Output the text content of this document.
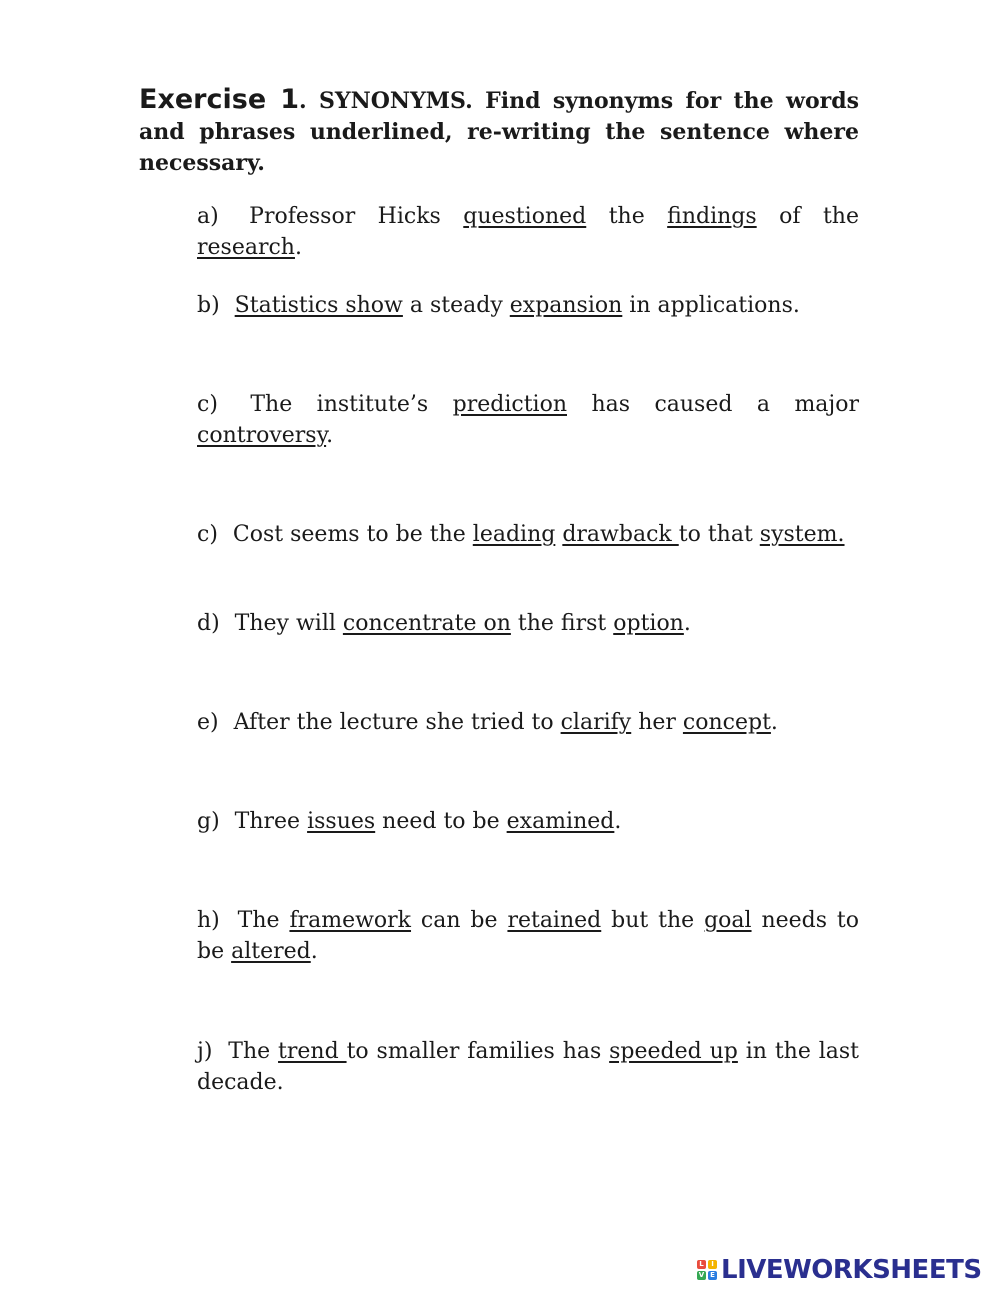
Exercise 1. SYNONYMS. Find synonyms for the words and phrases underlined, re-writing the sentence where necessary.
a) Professor Hicks questioned the findings of the research.
b) Statistics show a steady expansion in applications.
c) The institute’s prediction has caused a major controversy.
c) Cost seems to be the leading drawback to that system.
d) They will concentrate on the first option.
e) After the lecture she tried to clarify her concept.
g) Three issues need to be examined.
h) The framework can be retained but the goal needs to be altered.
j) The trend to smaller families has speeded up in the last decade.
L	I
V E LIVEWORKSHEETS
